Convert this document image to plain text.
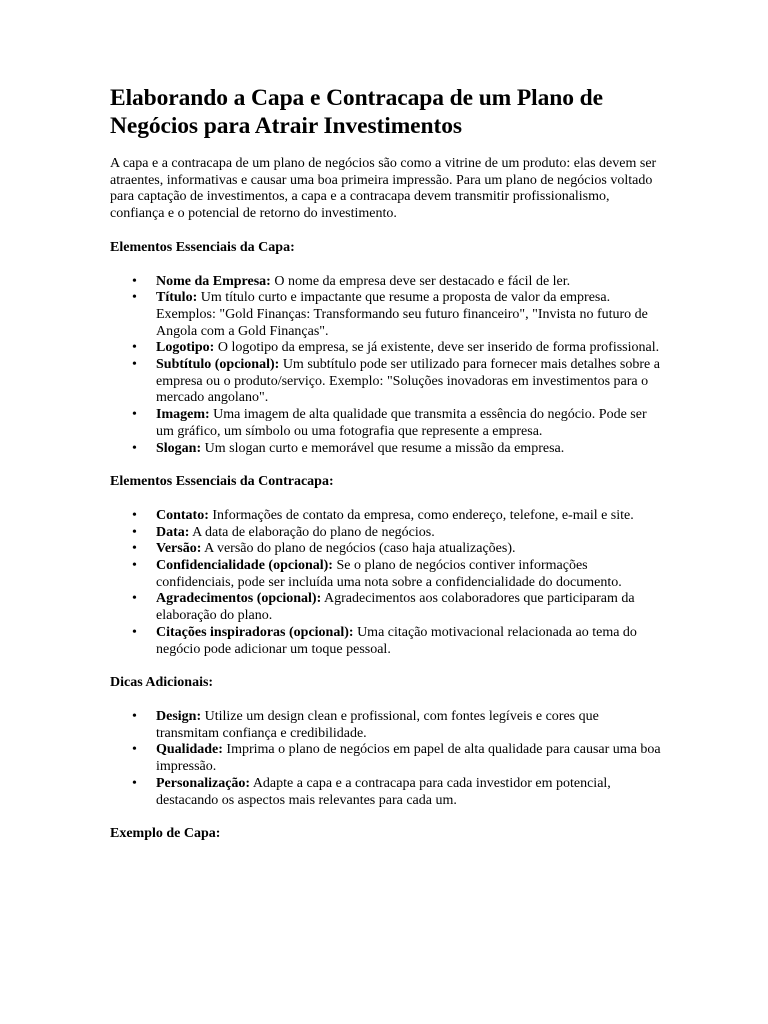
Elaborando a Capa e Contracapa de um Plano de Negócios para Atrair Investimentos

A capa e a contracapa de um plano de negócios são como a vitrine de um produto: elas devem ser atraentes, informativas e causar uma boa primeira impressão. Para um plano de negócios voltado para captação de investimentos, a capa e a contracapa devem transmitir profissionalismo, confiança e o potencial de retorno do investimento.

Elementos Essenciais da Capa:
• Nome da Empresa: O nome da empresa deve ser destacado e fácil de ler.
• Título: Um título curto e impactante que resume a proposta de valor da empresa. Exemplos: "Gold Finanças: Transformando seu futuro financeiro", "Invista no futuro de Angola com a Gold Finanças".
• Logotipo: O logotipo da empresa, se já existente, deve ser inserido de forma profissional.
• Subtítulo (opcional): Um subtítulo pode ser utilizado para fornecer mais detalhes sobre a empresa ou o produto/serviço. Exemplo: "Soluções inovadoras em investimentos para o mercado angolano".
• Imagem: Uma imagem de alta qualidade que transmita a essência do negócio. Pode ser um gráfico, um símbolo ou uma fotografia que represente a empresa.
• Slogan: Um slogan curto e memorável que resume a missão da empresa.
Elementos Essenciais da Contracapa:
• Contato: Informações de contato da empresa, como endereço, telefone, e-mail e site.
• Data: A data de elaboração do plano de negócios.
• Versão: A versão do plano de negócios (caso haja atualizações).
• Confidencialidade (opcional): Se o plano de negócios contiver informações confidenciais, pode ser incluída uma nota sobre a confidencialidade do documento.
• Agradecimentos (opcional): Agradecimentos aos colaboradores que participaram da elaboração do plano.
• Citações inspiradoras (opcional): Uma citação motivacional relacionada ao tema do negócio pode adicionar um toque pessoal.
Dicas Adicionais:
• Design: Utilize um design clean e profissional, com fontes legíveis e cores que transmitam confiança e credibilidade.
• Qualidade: Imprima o plano de negócios em papel de alta qualidade para causar uma boa impressão.
• Personalização: Adapte a capa e a contracapa para cada investidor em potencial, destacando os aspectos mais relevantes para cada um.
Exemplo de Capa:
